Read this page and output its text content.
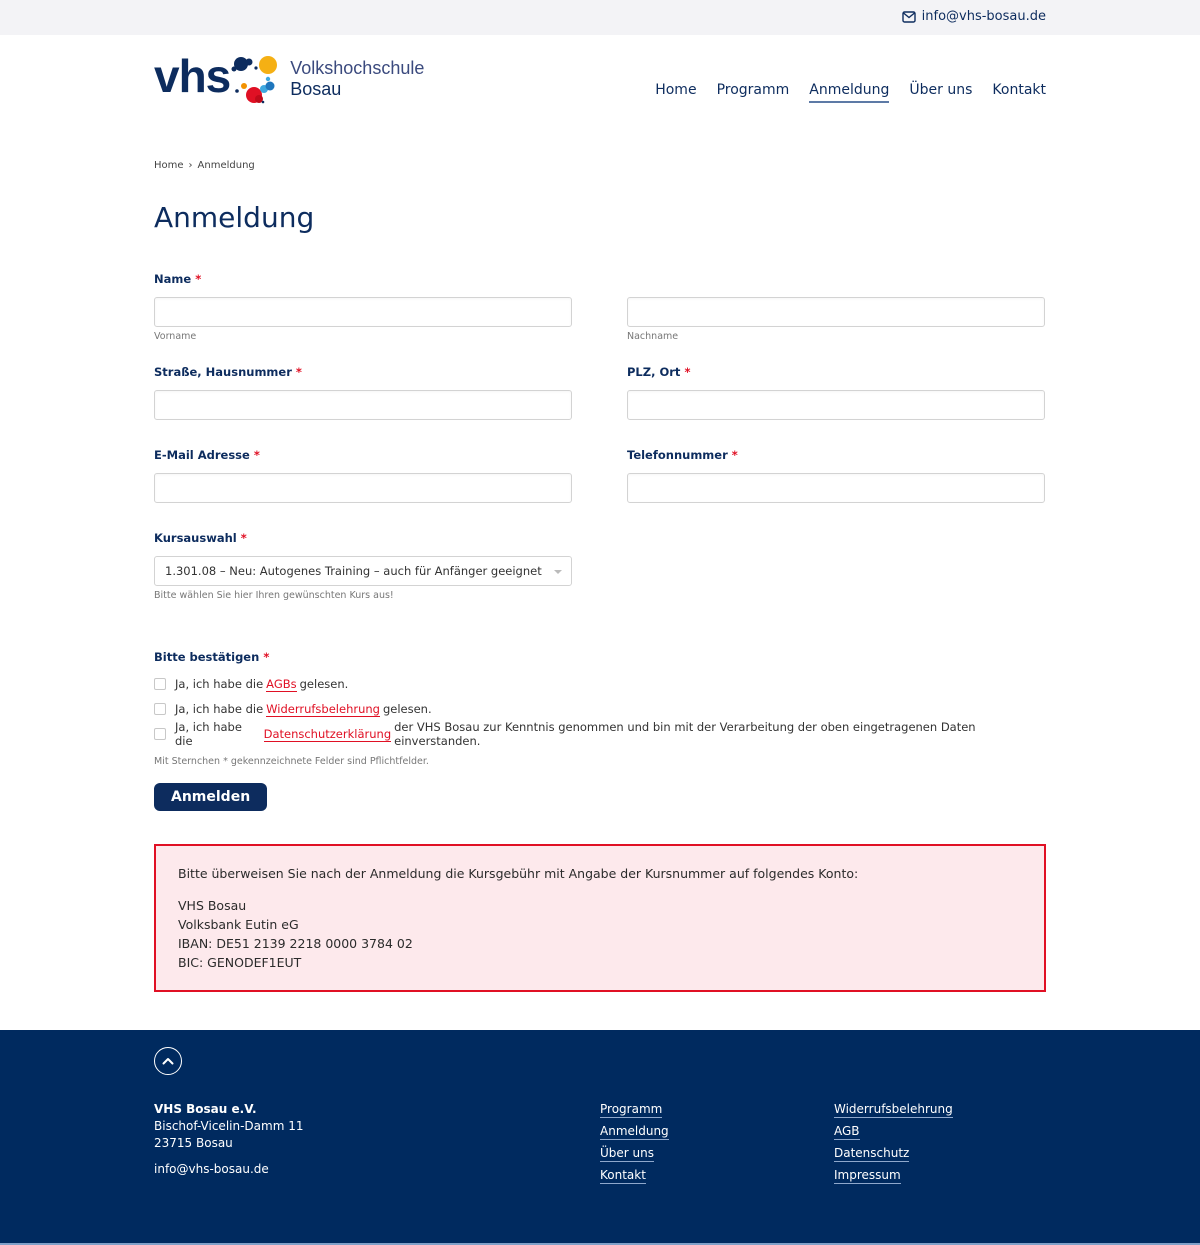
info@vhs-bosau.de
vhs	Volkshochschule
Bosau	Home Programm Anmeldung Über uns Kontakt
Home › Anmeldung
Anmeldung
Name *
Vorname	Nachname
Straße, Hausnummer *	PLZ, Ort *
E-Mail Adresse *	Telefonnummer *
Kursauswahl *
1.301.08 – Neu: Autogenes Training – auch für Anfänger geeignet
Bitte wählen Sie hier Ihren gewünschten Kurs aus!
Bitte bestätigen *
Ja, ich habe die AGBs gelesen.
Ja, ich habe die Widerrufsbelehrung gelesen.
Ja, ich habe die
Datenschutzerklärung der VHS Bosau zur Kenntnis genommen und bin mit der Verarbeitung der oben eingetragenen Daten einverstanden.
Mit Sternchen * gekennzeichnete Felder sind Pflichtfelder.
Anmelden

Bitte überweisen Sie nach der Anmeldung die Kursgebühr mit Angabe der Kursnummer auf folgendes Konto:

VHS Bosau

Volksbank Eutin eG

IBAN: DE51 2139 2218 0000 3784 02

BIC: GENODEF1EUT

VHS Bosau e.V.
Bischof-Vicelin-Damm 11
23715 Bosau
info@vhs-bosau.de
Programm
Anmeldung
Über uns
Kontakt
Widerrufsbelehrung
AGB
Datenschutz
Impressum
